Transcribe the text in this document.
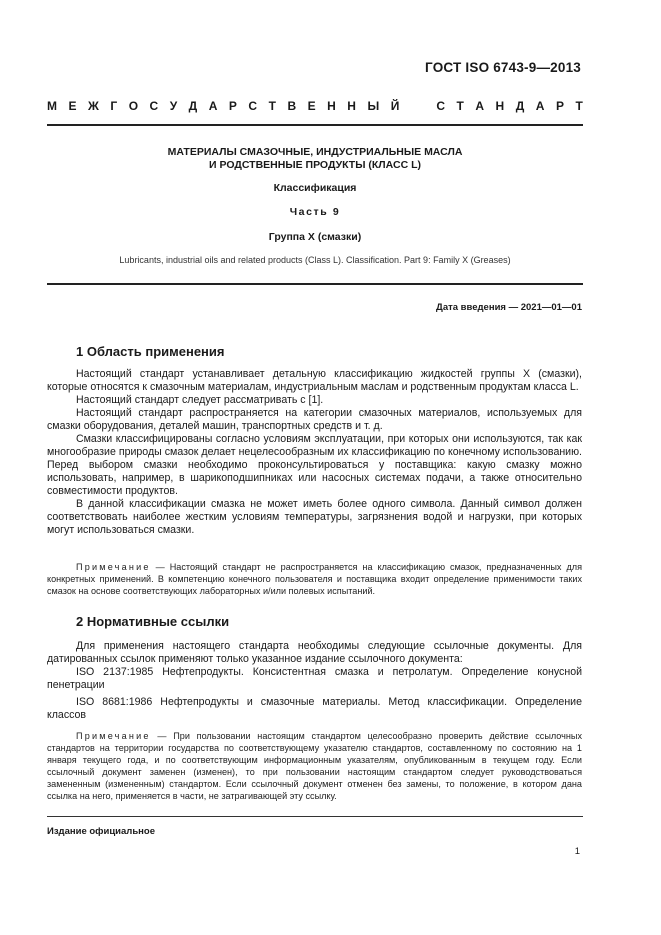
ГОСТ ISO 6743-9—2013
М Е Ж Г О С У Д А Р С Т В Е Н Н Ы Й	С Т А Н Д А Р Т
МАТЕРИАЛЫ СМАЗОЧНЫЕ, ИНДУСТРИАЛЬНЫЕ МАСЛА
И РОДСТВЕННЫЕ ПРОДУКТЫ (КЛАСС L)
Классификация
Часть 9
Группа X (смазки)
Lubricants, industrial oils and related products (Class L). Classification. Part 9: Family X (Greases)
Дата введения — 2021—01—01
1 Область применения

Настоящий стандарт устанавливает детальную классификацию жидкостей группы X (смазки), которые относятся к смазочным материалам, индустриальным маслам и родственным продуктам класса L.

Настоящий стандарт следует рассматривать с [1].

Настоящий стандарт распространяется на категории смазочных материалов, используемых для смазки оборудования, деталей машин, транспортных средств и т. д.

Смазки классифицированы согласно условиям эксплуатации, при которых они используются, так как многообразие природы смазок делает нецелесообразным их классификацию по конечному использованию. Перед выбором смазки необходимо проконсультироваться у поставщика: какую смазку можно использовать, например, в шарикоподшипниках или насосных системах подачи, а также относительно совместимости продуктов.

В данной классификации смазка не может иметь более одного символа. Данный символ должен соответствовать наиболее жестким условиям температуры, загрязнения водой и нагрузки, при которых могут использоваться смазки.

Примечание — Настоящий стандарт не распространяется на классификацию смазок, предназначенных для конкретных применений. В компетенцию конечного пользователя и поставщика входит определение применимости таких смазок на основе соответствующих лабораторных и/или полевых испытаний.
2 Нормативные ссылки

Для применения настоящего стандарта необходимы следующие ссылочные документы. Для датированных ссылок применяют только указанное издание ссылочного документа:

ISO 2137:1985 Нефтепродукты. Консистентная смазка и петролатум. Определение конусной пенетрации

ISO 8681:1986 Нефтепродукты и смазочные материалы. Метод классификации. Определение классов

Примечание — При пользовании настоящим стандартом целесообразно проверить действие ссылочных стандартов на территории государства по соответствующему указателю стандартов, составленному по состоянию на 1 января текущего года, и по соответствующим информационным указателям, опубликованным в текущем году. Если ссылочный документ заменен (изменен), то при пользовании настоящим стандартом следует руководствоваться замененным (измененным) стандартом. Если ссылочный документ отменен без замены, то положение, в котором дана ссылка на него, применяется в части, не затрагивающей эту ссылку.
Издание официальное
1
